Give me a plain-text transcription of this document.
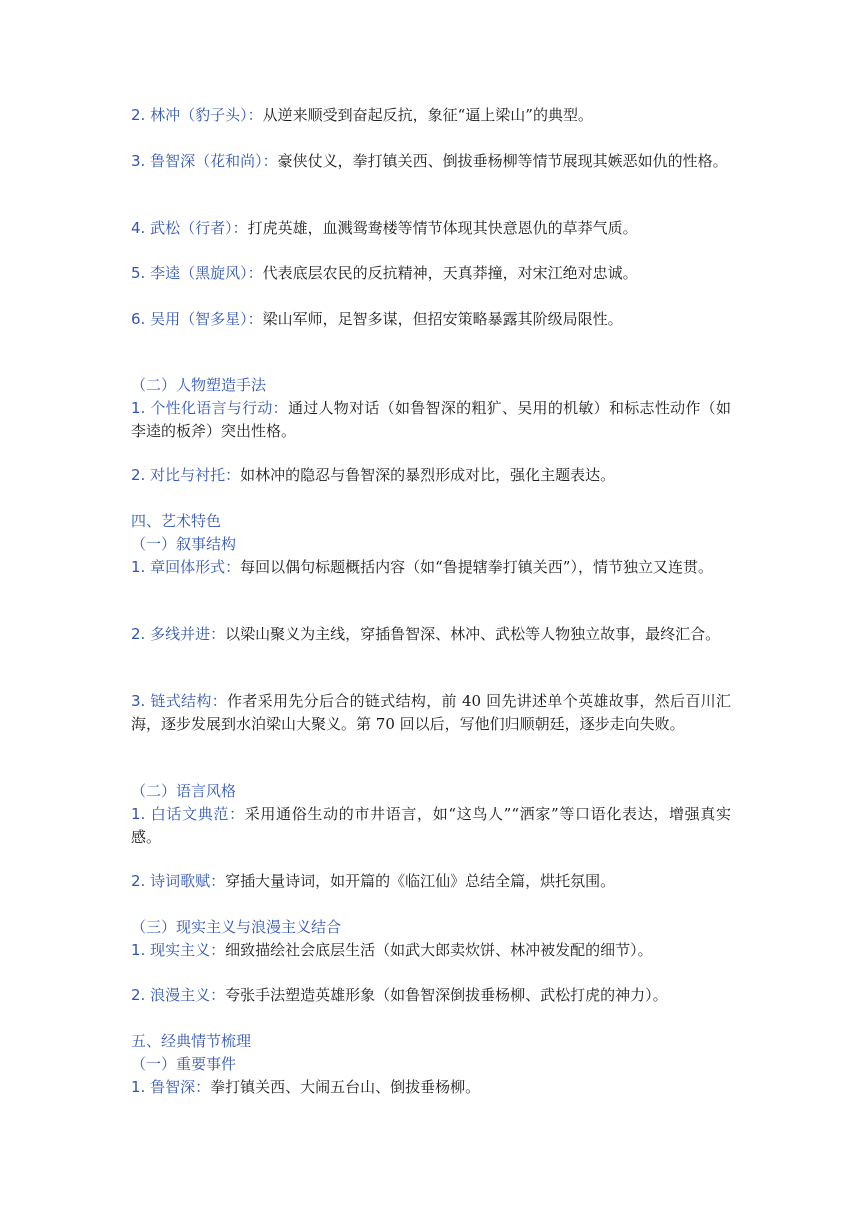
2. 林冲（豹子头）：从逆来顺受到奋起反抗，象征“逼上梁山”的典型。

3. 鲁智深（花和尚）：豪侠仗义，拳打镇关西、倒拔垂杨柳等情节展现其嫉恶如仇的性格。

4. 武松（行者）：打虎英雄，血溅鸳鸯楼等情节体现其快意恩仇的草莽气质。

5. 李逵（黑旋风）：代表底层农民的反抗精神，天真莽撞，对宋江绝对忠诚。

6. 吴用（智多星）：梁山军师，足智多谋，但招安策略暴露其阶级局限性。

（二）人物塑造手法

1. 个性化语言与行动：通过人物对话（如鲁智深的粗犷、吴用的机敏）和标志性动作（如李逵的板斧）突出性格。

2. 对比与衬托：如林冲的隐忍与鲁智深的暴烈形成对比，强化主题表达。

四、艺术特色

（一）叙事结构

1. 章回体形式：每回以偶句标题概括内容（如“鲁提辖拳打镇关西”），情节独立又连贯。

2. 多线并进：以梁山聚义为主线，穿插鲁智深、林冲、武松等人物独立故事，最终汇合。

3. 链式结构：作者采用先分后合的链式结构，前 40 回先讲述单个英雄故事，然后百川汇海，逐步发展到水泊梁山大聚义。第 70 回以后，写他们归顺朝廷，逐步走向失败。

（二）语言风格

1. 白话文典范：采用通俗生动的市井语言，如“这鸟人”“洒家”等口语化表达，增强真实感。

2. 诗词歌赋：穿插大量诗词，如开篇的《临江仙》总结全篇，烘托氛围。

（三）现实主义与浪漫主义结合

1. 现实主义：细致描绘社会底层生活（如武大郎卖炊饼、林冲被发配的细节）。

2. 浪漫主义：夸张手法塑造英雄形象（如鲁智深倒拔垂杨柳、武松打虎的神力）。

五、经典情节梳理

（一）重要事件

1. 鲁智深：拳打镇关西、大闹五台山、倒拔垂杨柳。
